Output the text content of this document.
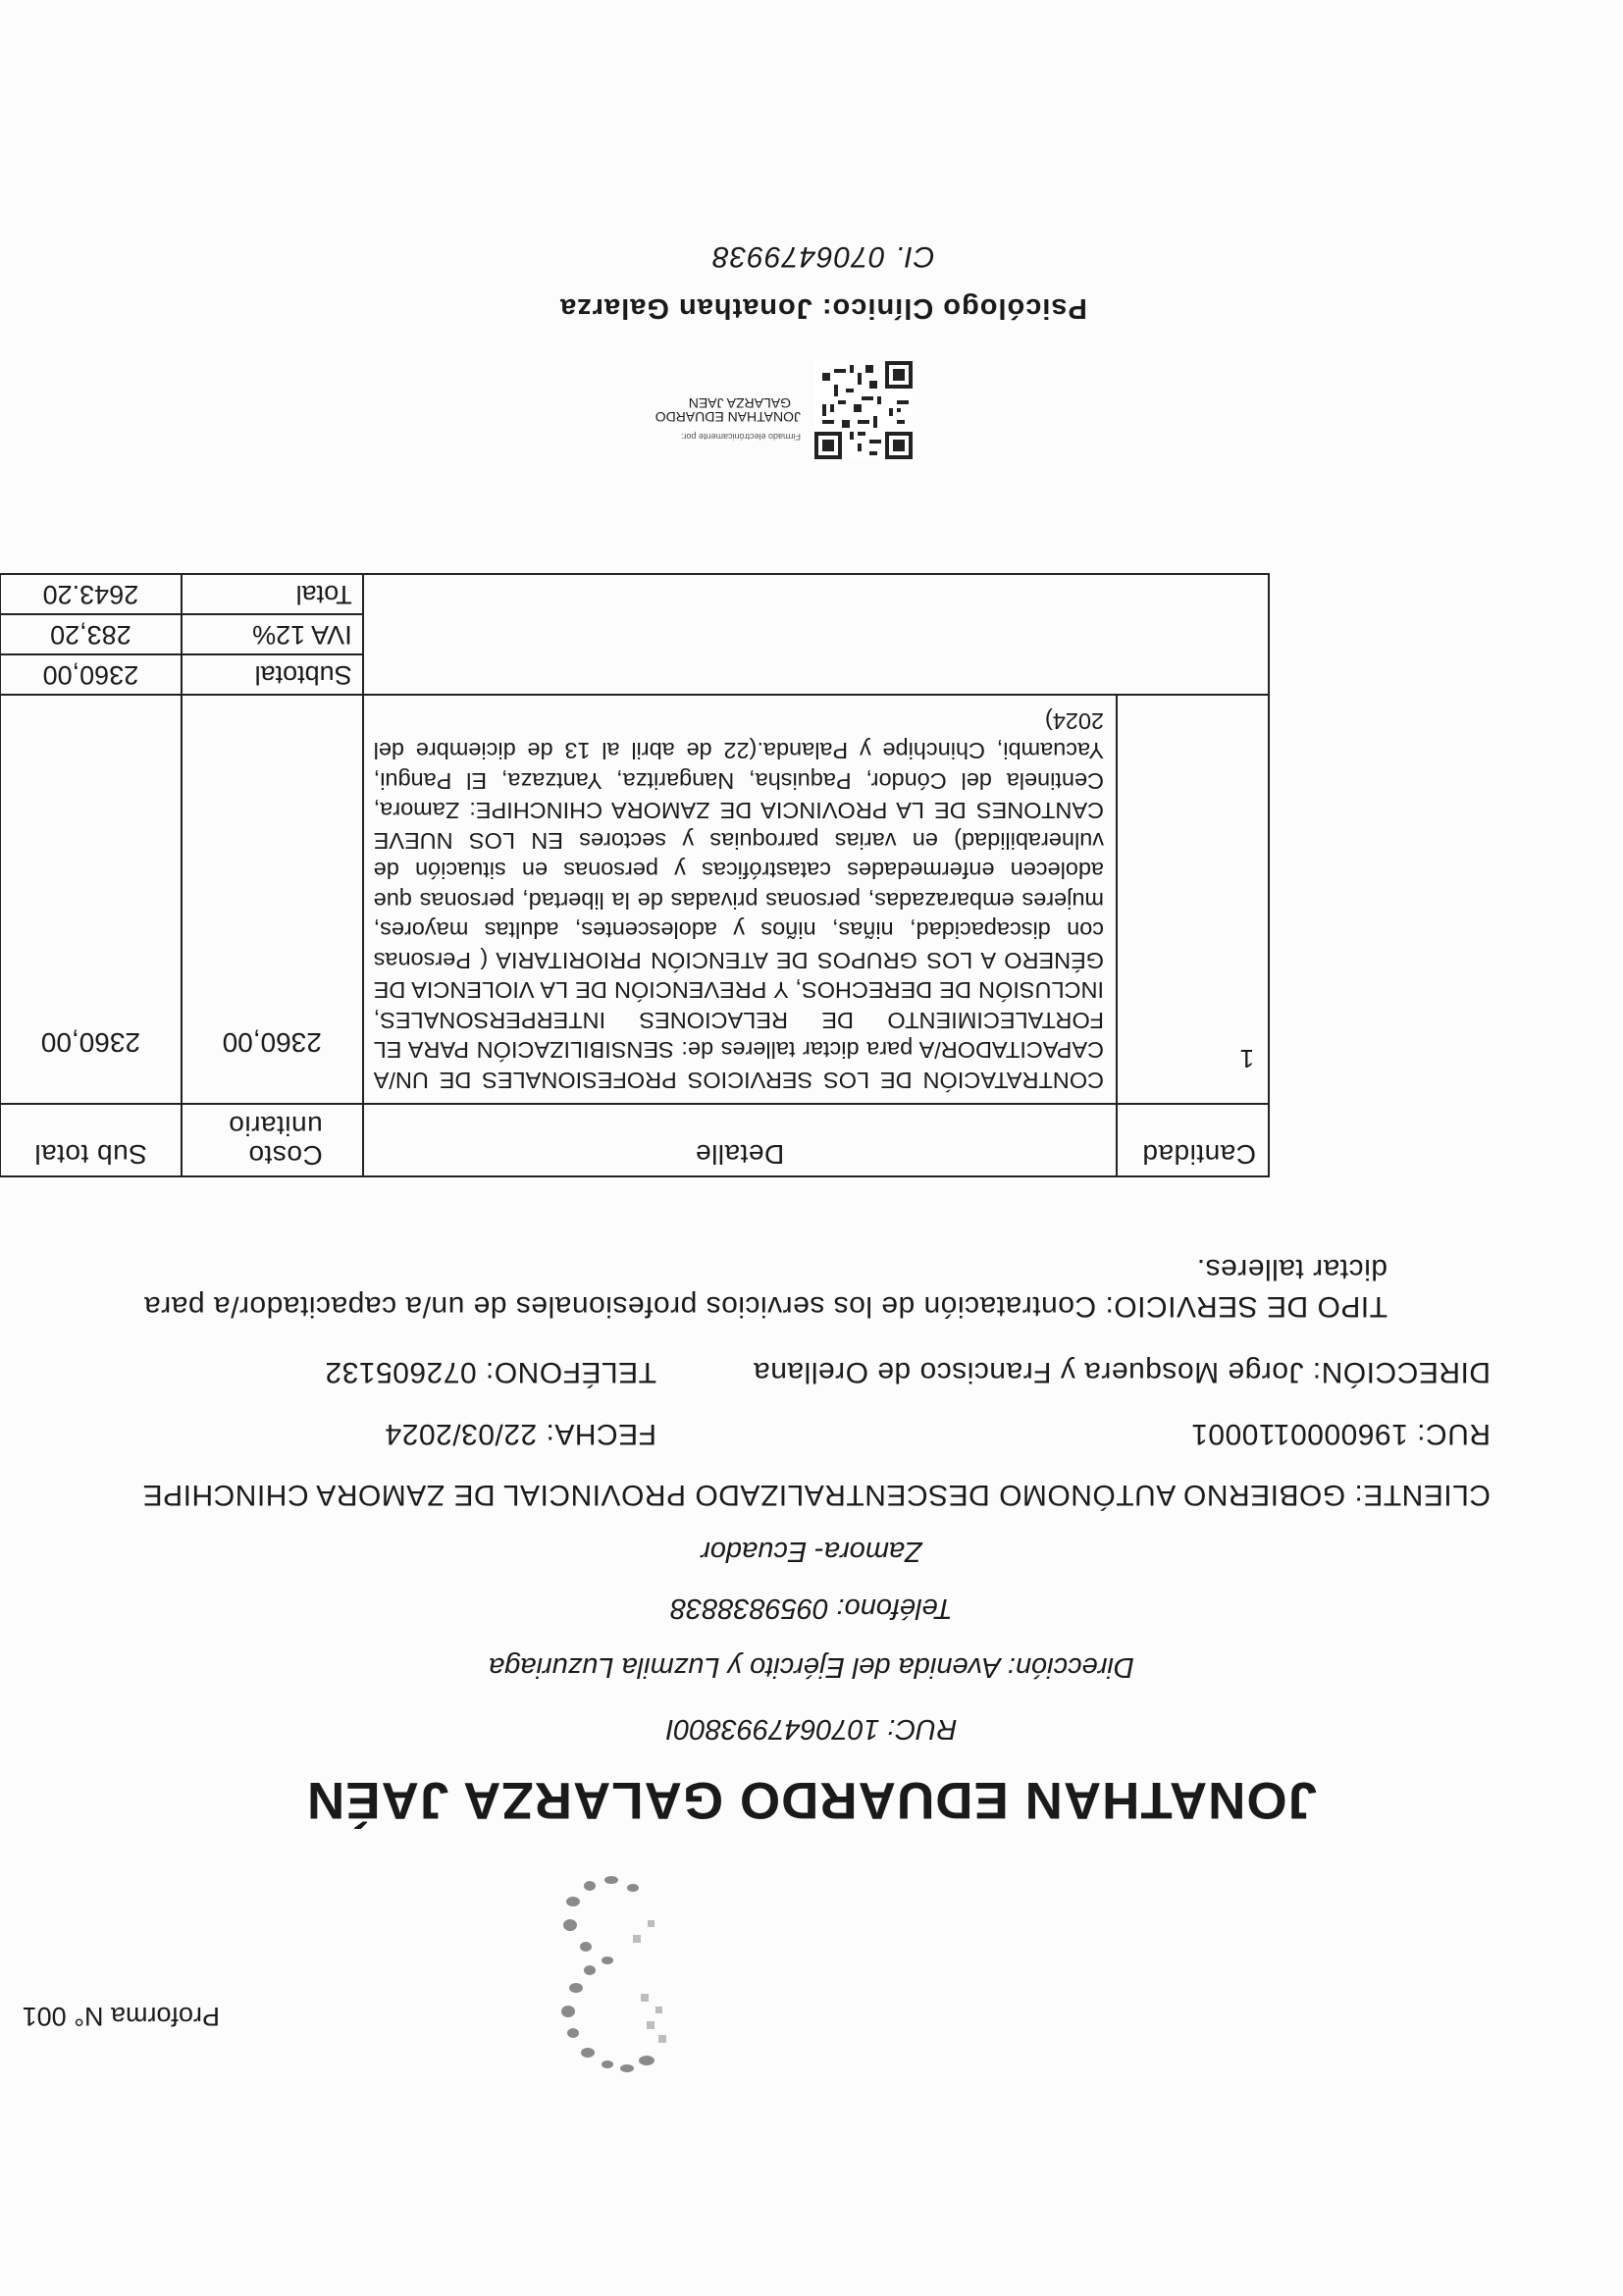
Proforma N° 001
JONATHAN EDUARDO GALARZA JAÉN
RUC: 1070647993800I
Dirección: Avenida del Ejército y Luzmila Luzuriaga
Teléfono: 0959838838
Zamora- Ecuador
CLIENTE: GOBIERNO AUTÓNOMO DESCENTRALIZADO PROVINCIAL DE ZAMORA CHINCHIPE
RUC: 1960000110001
FECHA: 22/03/2024
DIRECCIÓN: Jorge Mosquera y Francisco de Orellana
TELÉFONO: 072605132
TIPO DE SERVICIO: Contratación de los servicios profesionales de un/a capacitador/a para dictar talleres.
Cantidad	Detalle	Costo unitario	Sub total
1	CONTRATACIÓN DE LOS SERVICIOS PROFESIONALES DE UN/A CAPACITADOR/A para dictar talleres de: SENSIBILIZACIÓN PARA EL FORTALECIMIENTO DE RELACIONES INTERPERSONALES, INCLUSIÓN DE DERECHOS, Y PREVENCIÓN DE LA VIOLENCIA DE GÉNERO A LOS GRUPOS DE ATENCIÓN PRIORITARIA ( Personas con discapacidad, niñas, niños y adolescentes, adultas mayores, mujeres embarazadas, personas privadas de la libertad, personas que adolecen enfermedades catastróficas y personas en situación de vulnerabilidad) en varias parroquias y sectores EN LOS NUEVE CANTONES DE LA PROVINCIA DE ZAMORA CHINCHIPE: Zamora, Centinela del Cóndor, Paquisha, Nangaritza, Yantzaza, El Pangui, Yacuambi, Chinchipe y Palanda.(22 de abril al 13 de diciembre del 2024)	2360,00	2360,00
		Subtotal	2360,00
		IVA 12%	283,20
		Total	2643.20
Firmado electrónicamente por:
JONATHAN EDUARDO
GALARZA JAEN
Psicólogo Clínico: Jonathan Galarza
CI. 0706479938
